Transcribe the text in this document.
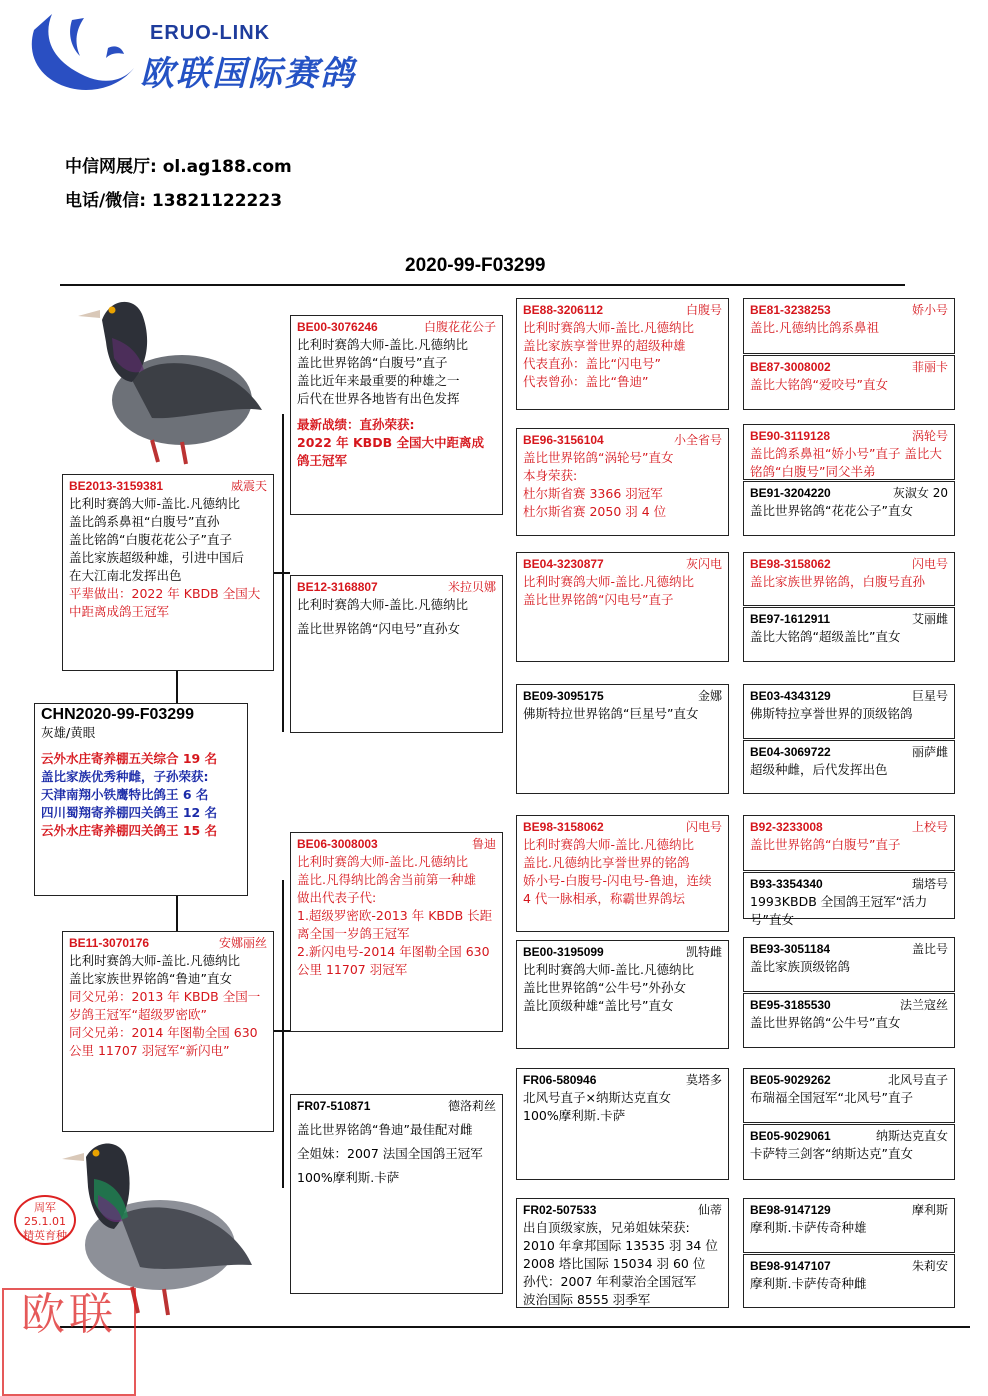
ERUO-LINK
欧联国际赛鸽
中信网展厅: ol.ag188.com
电话/微信: 13821122223
2020-99-F03299

CHN2020-99-F03299

灰雄/黄眼

云外水庄寄养棚五关综合 19 名

盖比家族优秀种雌，子孙荣获:

天津南翔小铁鹰特比鸽王 6 名

四川蜀翔寄养棚四关鸽王 12 名

云外水庄寄养棚四关鸽王 15 名

BE2013-3159381	威震天

比利时赛鸽大师-盖比.凡德纳比

盖比鸽系鼻祖“白腹号”直孙

盖比铭鸽“白腹花花公子”直子

盖比家族超级种雄，引进中国后

在大江南北发挥出色

平辈做出：2022 年 KBDB 全国大中距离成鸽王冠军

BE11-3070176	安娜丽丝

比利时赛鸽大师-盖比.凡德纳比

盖比家族世界铭鸽“鲁迪”直女

同父兄弟：2013 年 KBDB 全国一岁鸽王冠军“超级罗密欧”

同父兄弟：2014 年图勒全国 630 公里 11707 羽冠军“新闪电”

BE00-3076246	白腹花花公子

比利时赛鸽大师-盖比.凡德纳比

盖比世界铭鸽“白腹号”直子

盖比近年来最重要的种雄之一

后代在世界各地皆有出色发挥

最新战绩：直孙荣获:

2022 年 KBDB 全国大中距离成鸽王冠军

BE12-3168807	米拉贝娜

比利时赛鸽大师-盖比.凡德纳比

盖比世界铭鸽“闪电号”直孙女

BE06-3008003	鲁迪

比利时赛鸽大师-盖比.凡德纳比

盖比.凡得纳比鸽舍当前第一种雄

做出代表子代:

1.超级罗密欧-2013 年 KBDB 长距离全国一岁鸽王冠军

2.新闪电号-2014 年图勒全国 630 公里 11707 羽冠军

FR07-510871	德洛莉丝

盖比世界铭鸽“鲁迪”最佳配对雌

全姐妹：2007 法国全国鸽王冠军

100%摩利斯.卡萨

BE88-3206112	白腹号

比利时赛鸽大师-盖比.凡德纳比

盖比家族享誉世界的超级种雄

代表直孙：盖比“闪电号”

代表曾孙：盖比“鲁迪”

BE96-3156104	小全省号

盖比世界铭鸽“涡轮号”直女

本身荣获:

杜尔斯省赛 3366 羽冠军

杜尔斯省赛 2050 羽 4 位

BE04-3230877	灰闪电

比利时赛鸽大师-盖比.凡德纳比

盖比世界铭鸽“闪电号”直子

BE09-3095175	金娜

佛斯特拉世界铭鸽“巨星号”直女

BE98-3158062	闪电号

比利时赛鸽大师-盖比.凡德纳比

盖比.凡德纳比享誉世界的铭鸽

娇小号-白腹号-闪电号-鲁迪，连续 4 代一脉相承，称霸世界鸽坛

BE00-3195099	凯特雌

比利时赛鸽大师-盖比.凡德纳比

盖比世界铭鸽“公牛号”外孙女

盖比顶级种雄“盖比号”直女

FR06-580946	莫塔多

北风号直子×纳斯达克直女

100%摩利斯.卡萨

FR02-507533	仙蒂

出自顶级家族，兄弟姐妹荣获:

2010 年拿邦国际 13535 羽 34 位

2008 塔比国际 15034 羽 60 位

孙代：2007 年利蒙治全国冠军

波治国际 8555 羽季军

BE81-3238253	娇小号

盖比.凡德纳比鸽系鼻祖

BE87-3008002	菲丽卡

盖比大铭鸽“爱咬号”直女

BE90-3119128	涡轮号

盖比鸽系鼻祖“娇小号”直子 盖比大铭鸽“白腹号”同父半弟

BE91-3204220	灰淑女 20

盖比世界铭鸽“花花公子”直女

BE98-3158062	闪电号

盖比家族世界铭鸽，白腹号直孙

BE97-1612911	艾丽雌

盖比大铭鸽“超级盖比”直女

BE03-4343129	巨星号

佛斯特拉享誉世界的顶级铭鸽

BE04-3069722	丽萨雌

超级种雌，后代发挥出色

B92-3233008	上校号

盖比世界铭鸽“白腹号”直子

B93-3354340	瑞塔号

1993KBDB 全国鸽王冠军“活力号”直女

BE93-3051184	盖比号

盖比家族顶级铭鸽

BE95-3185530	法兰寇丝

盖比世界铭鸽“公牛号”直女

BE05-9029262	北风号直子

布瑞福全国冠军“北风号”直子

BE05-9029061	纳斯达克直女

卡萨特三剑客“纳斯达克”直女

BE98-9147129	摩利斯

摩利斯.卡萨传奇种雄

BE98-9147107	朱莉安

摩利斯.卡萨传奇种雌

周军
25.1.01
精英育种
欧联
